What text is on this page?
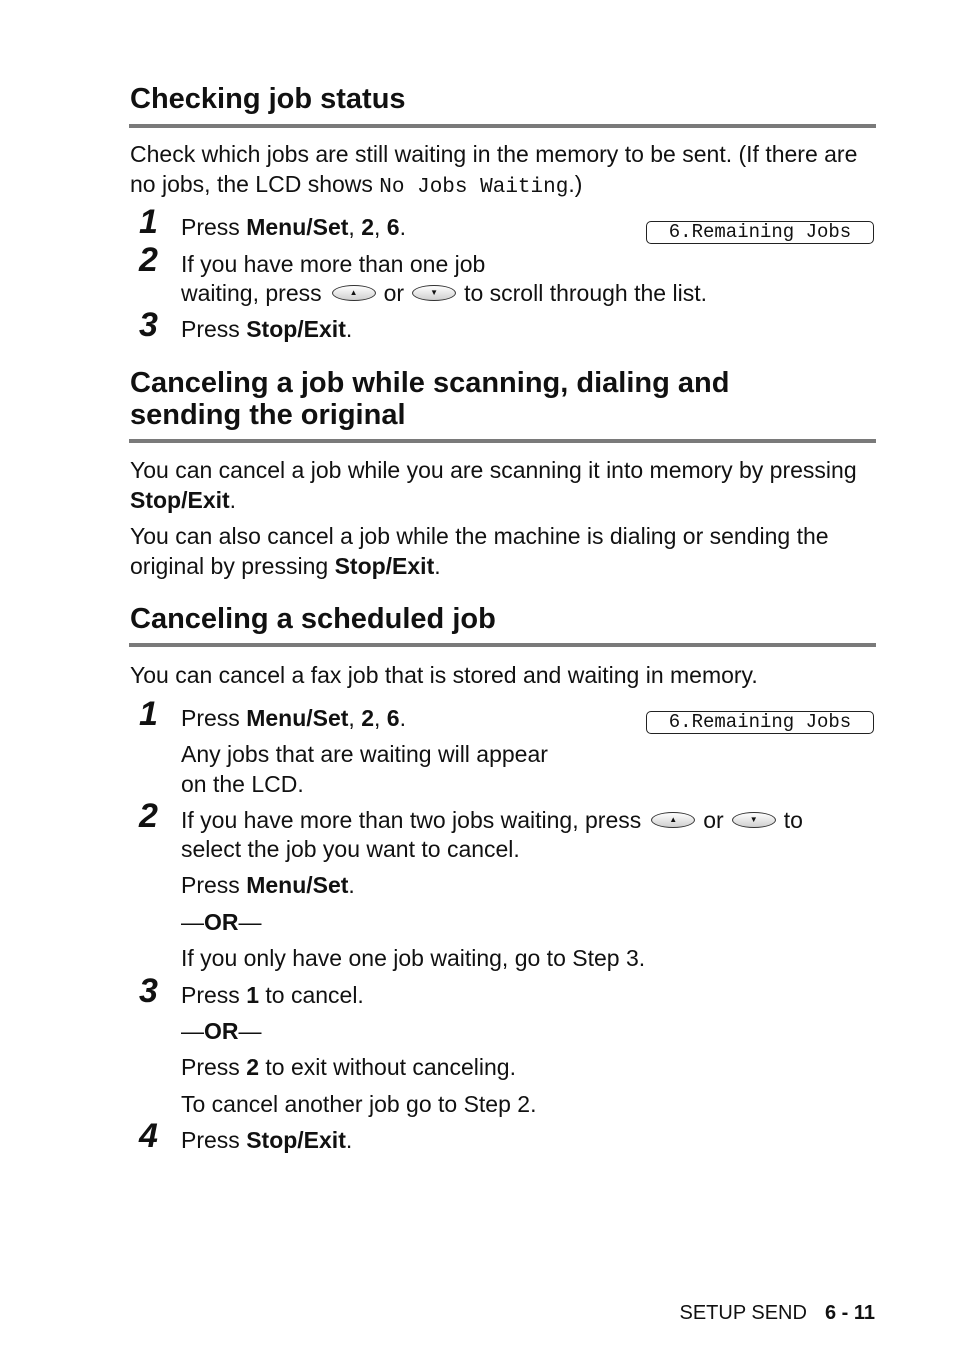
Checking job status
Check which jobs are still waiting in the memory to be sent. (If there are no jobs, the LCD shows No Jobs Waiting.)
6.Remaining Jobs
1 Press Menu/Set, 2, 6.
2 If you have more than one job
waiting, press	▲ or	▼ to scroll through the list.
3 Press Stop/Exit.
Canceling a job while scanning, dialing and
sending the original
You can cancel a job while you are scanning it into memory by pressing Stop/Exit.
You can also cancel a job while the machine is dialing or sending the original by pressing Stop/Exit.
Canceling a scheduled job
You can cancel a fax job that is stored and waiting in memory.
6.Remaining Jobs
1 Press Menu/Set, 2, 6.
Any jobs that are waiting will appear
on the LCD.
2 If you have more than two jobs waiting, press	▲ or	▼ to
select the job you want to cancel.
Press Menu/Set.
—OR—
If you only have one job waiting, go to Step 3.
3 Press 1 to cancel.
—OR—
Press 2 to exit without canceling.
To cancel another job go to Step 2.
4 Press Stop/Exit.
SETUP SEND 6 - 11
